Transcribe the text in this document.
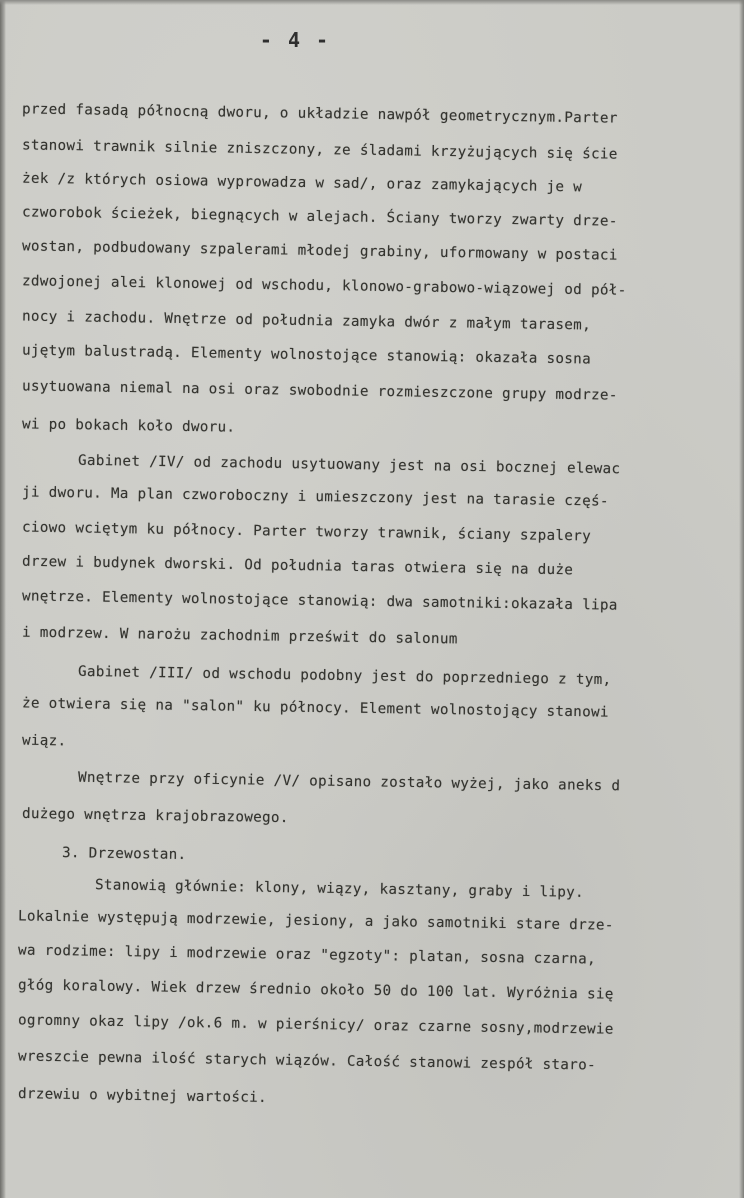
- 4 -
przed fasadą północną dworu, o układzie nawpół geometrycznym.Parter
stanowi trawnik silnie zniszczony, ze śladami krzyżujących się ście
żek /z których osiowa wyprowadza w sad/, oraz zamykających je w
czworobok ścieżek, biegnących w alejach. Ściany tworzy zwarty drze-
wostan, podbudowany szpalerami młodej grabiny, uformowany w postaci
zdwojonej alei klonowej od wschodu, klonowo-grabowo-wiązowej od pół-
nocy i zachodu. Wnętrze od południa zamyka dwór z małym tarasem,
ujętym balustradą. Elementy wolnostojące stanowią: okazała sosna
usytuowana niemal na osi oraz swobodnie rozmieszczone grupy modrze-
wi po bokach koło dworu.
Gabinet /IV/ od zachodu usytuowany jest na osi bocznej elewac
ji dworu. Ma plan czworoboczny i umieszczony jest na tarasie częś-
ciowo wciętym ku północy. Parter tworzy trawnik, ściany szpalery
drzew i budynek dworski. Od południa taras otwiera się na duże
wnętrze. Elementy wolnostojące stanowią: dwa samotniki:okazała lipa
i modrzew. W narożu zachodnim prześwit do salonum
Gabinet /III/ od wschodu podobny jest do poprzedniego z tym,
że otwiera się na "salon" ku północy. Element wolnostojący stanowi
wiąz.
Wnętrze przy oficynie /V/ opisano zostało wyżej, jako aneks d
dużego wnętrza krajobrazowego.
3. Drzewostan.
Stanowią głównie: klony, wiązy, kasztany, graby i lipy.
Lokalnie występują modrzewie, jesiony, a jako samotniki stare drze-
wa rodzime: lipy i modrzewie oraz "egzoty": platan, sosna czarna,
głóg koralowy. Wiek drzew średnio około 50 do 100 lat. Wyróżnia się
ogromny okaz lipy /ok.6 m. w pierśnicy/ oraz czarne sosny,modrzewie
wreszcie pewna ilość starych wiązów. Całość stanowi zespół staro-
drzewiu o wybitnej wartości.
